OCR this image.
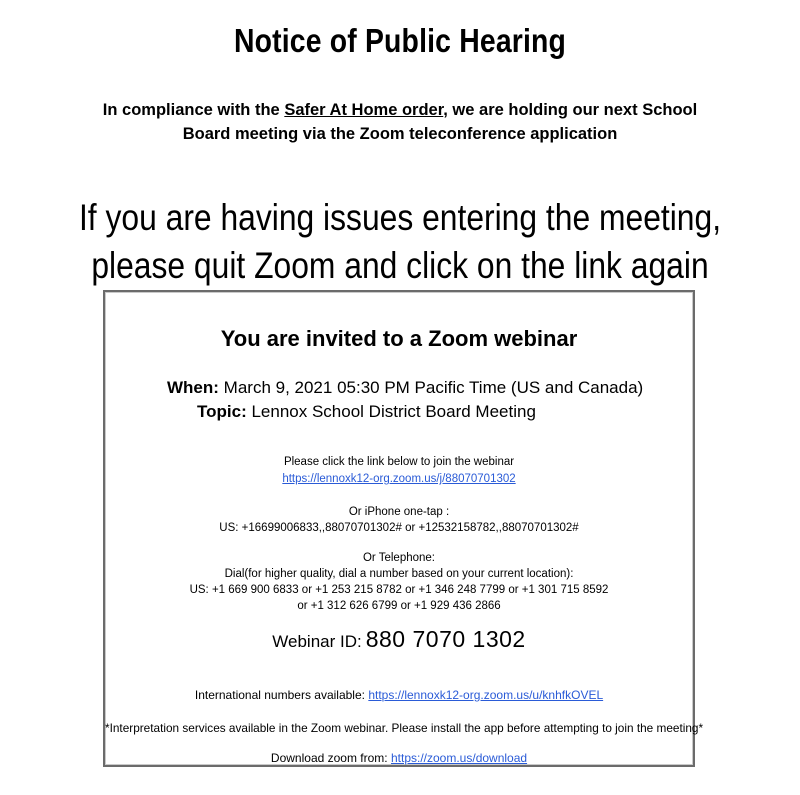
Notice of Public Hearing
In compliance with the Safer At Home order, we are holding our next School Board meeting via the Zoom teleconference application
If you are having issues entering the meeting,
please quit Zoom and click on the link again
You are invited to a Zoom webinar
When: March 9, 2021 05:30 PM Pacific Time (US and Canada)
Topic: Lennox School District Board Meeting
Please click the link below to join the webinar
https://lennoxk12-org.zoom.us/j/88070701302
Or iPhone one-tap :
US: +16699006833,,88070701302# or +12532158782,,88070701302#
Or Telephone:
Dial(for higher quality, dial a number based on your current location):
US: +1 669 900 6833 or +1 253 215 8782 or +1 346 248 7799 or +1 301 715 8592
or +1 312 626 6799 or +1 929 436 2866
Webinar ID: 880 7070 1302
International numbers available: https://lennoxk12-org.zoom.us/u/knhfkOVEL
*Interpretation services available in the Zoom webinar. Please install the app before attempting to join the meeting*
Download zoom from: https://zoom.us/download
